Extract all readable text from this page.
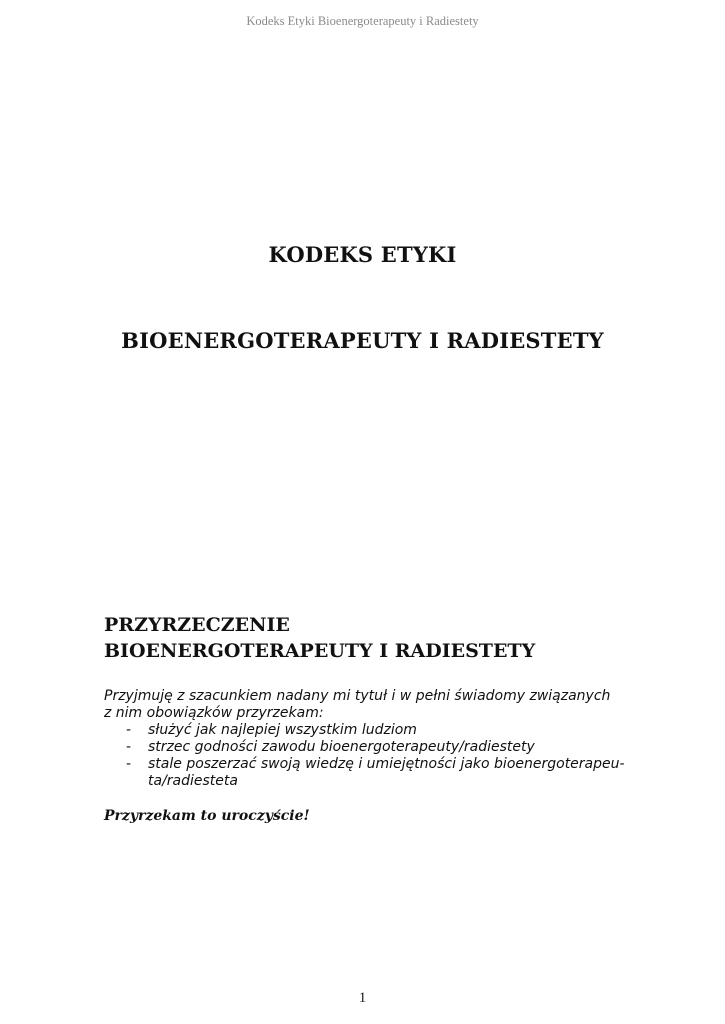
Kodeks Etyki Bioenergoterapeuty i Radiestety
KODEKS ETYKI
BIOENERGOTERAPEUTY I RADIESTETY
PRZYRZECZENIE
BIOENERGOTERAPEUTY I RADIESTETY
Przyjmuję z szacunkiem nadany mi tytuł i w pełni świadomy związanych
z nim obowiązków przyrzekam:
- służyć jak najlepiej wszystkim ludziom
- strzec godności zawodu bioenergoterapeuty/radiestety
- stale poszerzać swoją wiedzę i umiejętności jako bioenergoterapeu-
ta/radiesteta

Przyrzekam to uroczyście!

1
